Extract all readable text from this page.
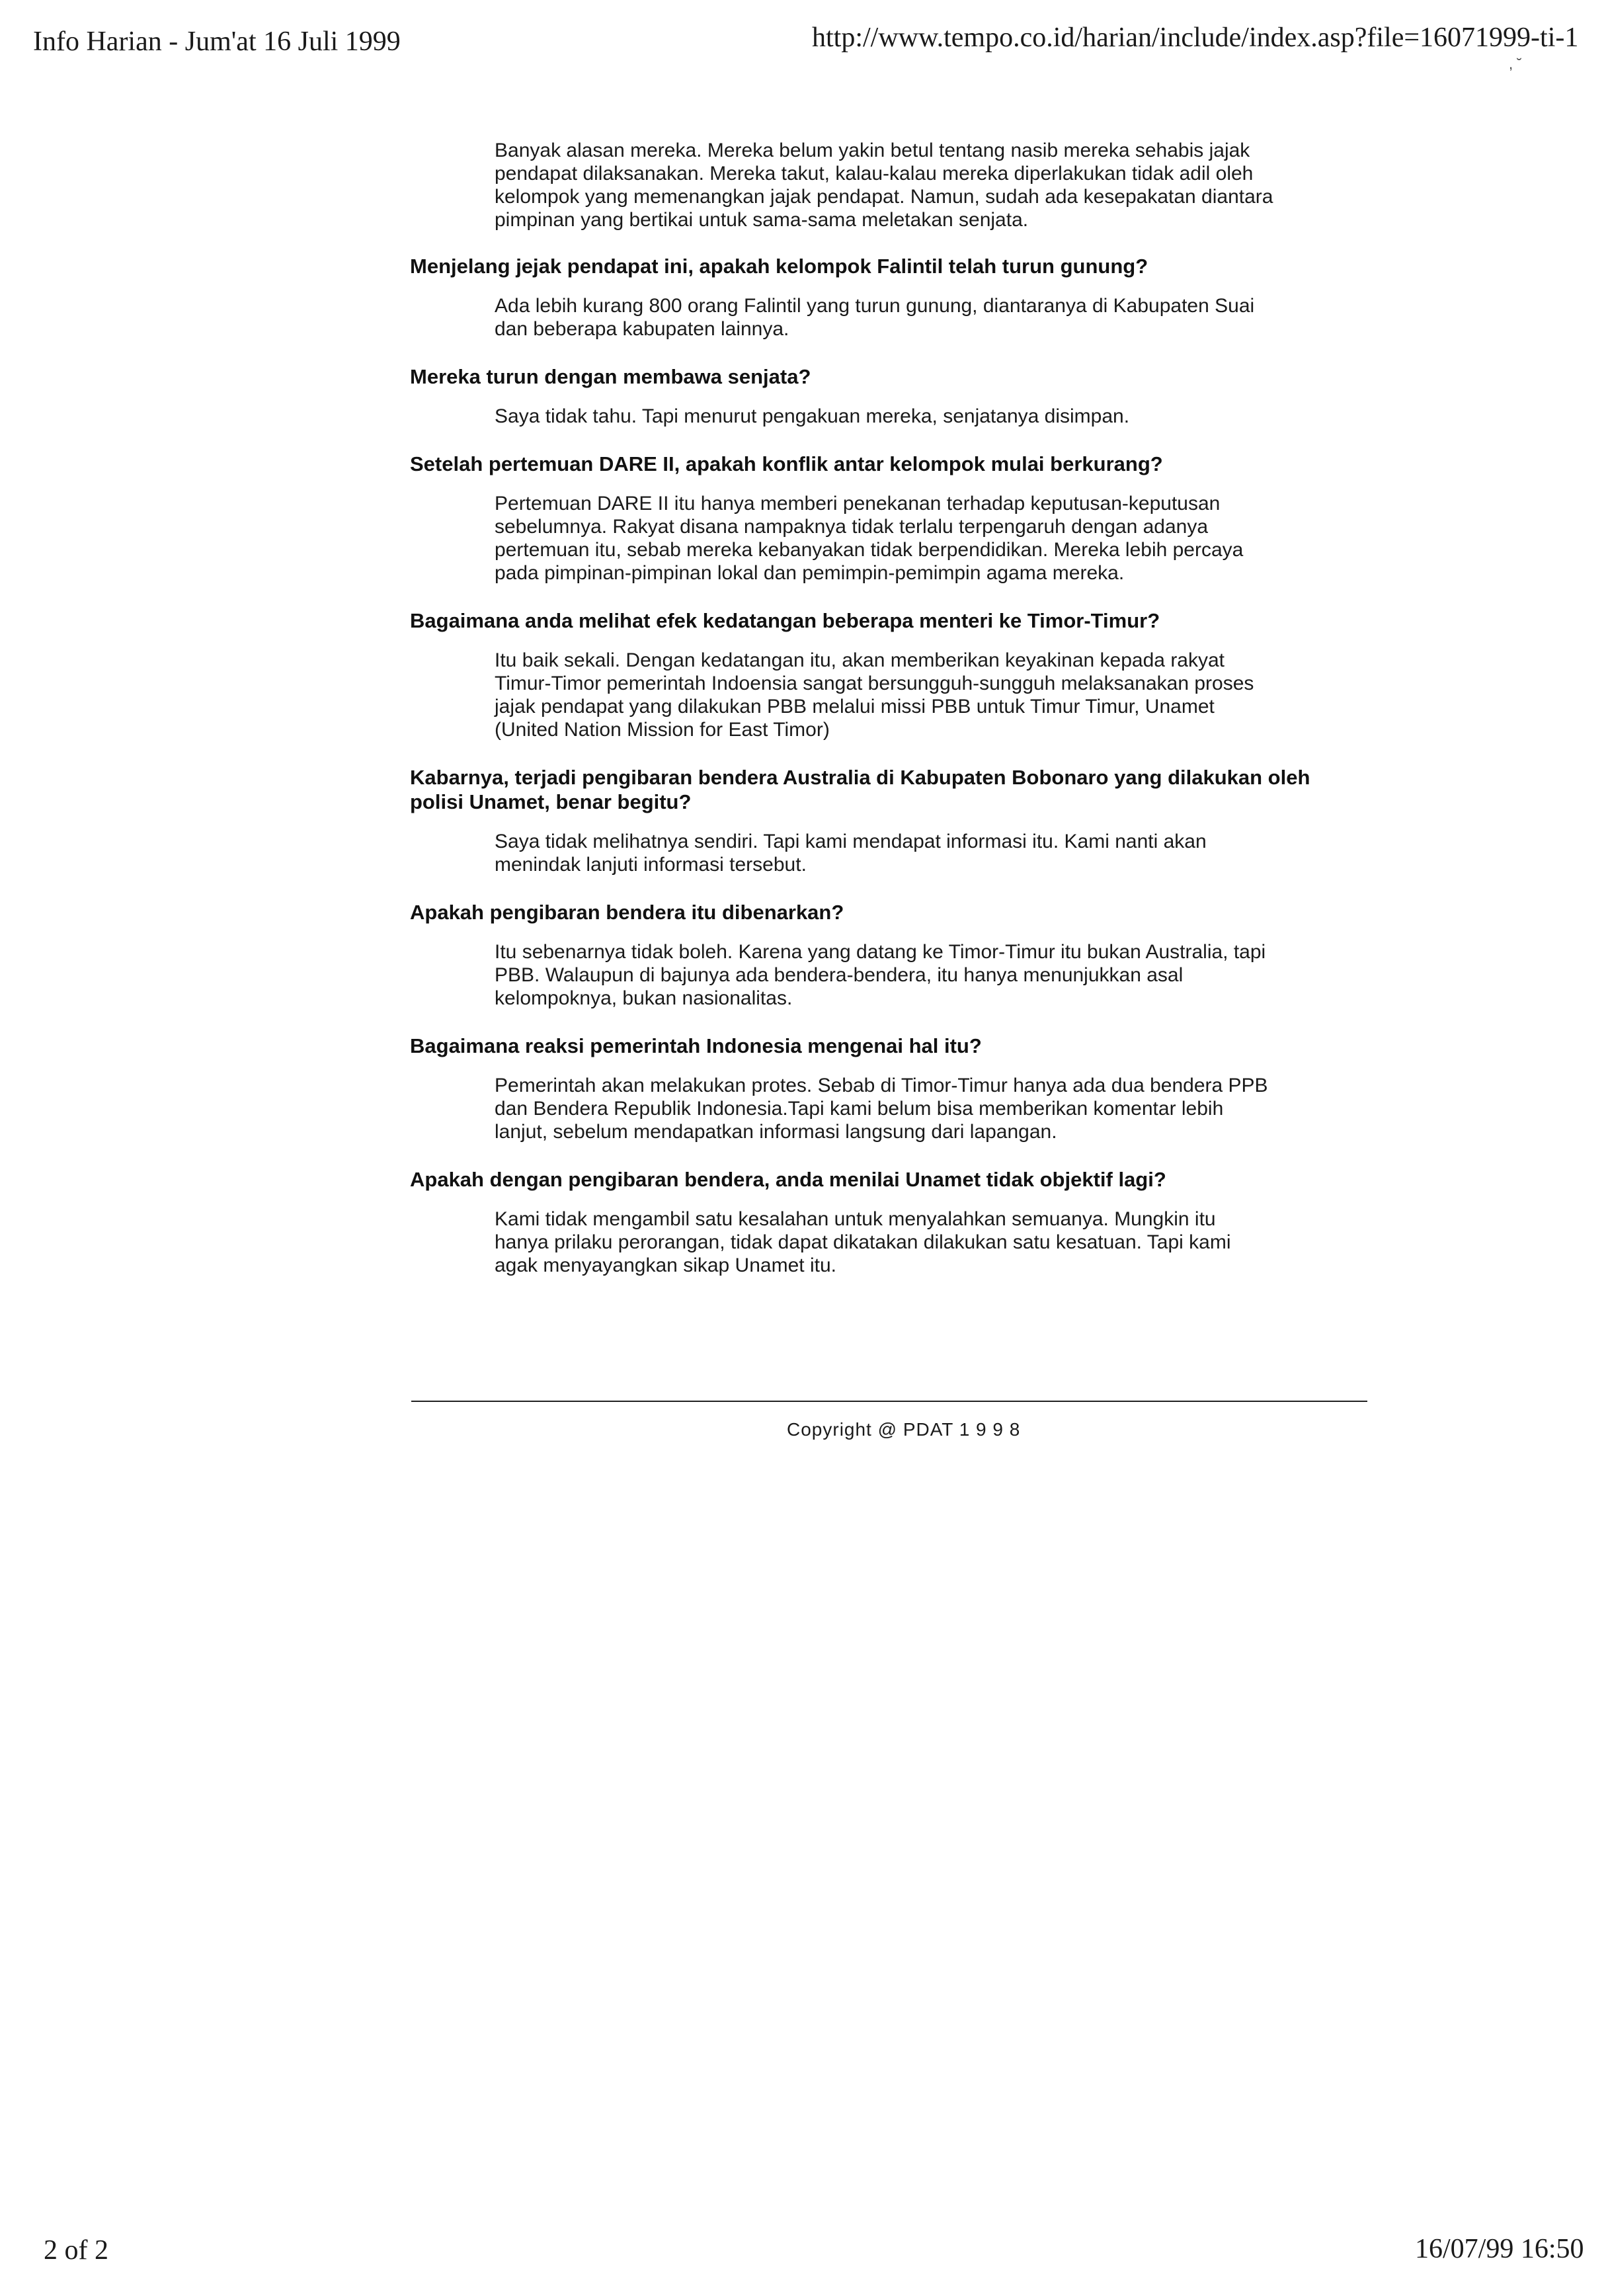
Info Harian - Jum'at 16 Juli 1999	http://www.tempo.co.id/harian/include/index.asp?file=16071999-ti-1
, ˘

Banyak alasan mereka. Mereka belum yakin betul tentang nasib mereka sehabis jajak pendapat dilaksanakan. Mereka takut, kalau-kalau mereka diperlakukan tidak adil oleh kelompok yang memenangkan jajak pendapat. Namun, sudah ada kesepakatan diantara pimpinan yang bertikai untuk sama-sama meletakan senjata.

Menjelang jejak pendapat ini, apakah kelompok Falintil telah turun gunung?

Ada lebih kurang 800 orang Falintil yang turun gunung, diantaranya di Kabupaten Suai dan beberapa kabupaten lainnya.

Mereka turun dengan membawa senjata?

Saya tidak tahu. Tapi menurut pengakuan mereka, senjatanya disimpan.

Setelah pertemuan DARE II, apakah konflik antar kelompok mulai berkurang?

Pertemuan DARE II itu hanya memberi penekanan terhadap keputusan-keputusan sebelumnya. Rakyat disana nampaknya tidak terlalu terpengaruh dengan adanya pertemuan itu, sebab mereka kebanyakan tidak berpendidikan. Mereka lebih percaya pada pimpinan-pimpinan lokal dan pemimpin-pemimpin agama mereka.

Bagaimana anda melihat efek kedatangan beberapa menteri ke Timor-Timur?

Itu baik sekali. Dengan kedatangan itu, akan memberikan keyakinan kepada rakyat Timur-Timor pemerintah Indoensia sangat bersungguh-sungguh melaksanakan proses jajak pendapat yang dilakukan PBB melalui missi PBB untuk Timur Timur, Unamet (United Nation Mission for East Timor)

Kabarnya, terjadi pengibaran bendera Australia di Kabupaten Bobonaro yang dilakukan oleh polisi Unamet, benar begitu?

Saya tidak melihatnya sendiri. Tapi kami mendapat informasi itu. Kami nanti akan menindak lanjuti informasi tersebut.

Apakah pengibaran bendera itu dibenarkan?

Itu sebenarnya tidak boleh. Karena yang datang ke Timor-Timur itu bukan Australia, tapi PBB. Walaupun di bajunya ada bendera-bendera, itu hanya menunjukkan asal kelompoknya, bukan nasionalitas.

Bagaimana reaksi pemerintah Indonesia mengenai hal itu?

Pemerintah akan melakukan protes. Sebab di Timor-Timur hanya ada dua bendera PPB dan Bendera Republik Indonesia.Tapi kami belum bisa memberikan komentar lebih lanjut, sebelum mendapatkan informasi langsung dari lapangan.

Apakah dengan pengibaran bendera, anda menilai Unamet tidak objektif lagi?

Kami tidak mengambil satu kesalahan untuk menyalahkan semuanya. Mungkin itu hanya prilaku perorangan, tidak dapat dikatakan dilakukan satu kesatuan. Tapi kami agak menyayangkan sikap Unamet itu.

Copyright @ PDAT 1 9 9 8
2 of 2	16/07/99 16:50
